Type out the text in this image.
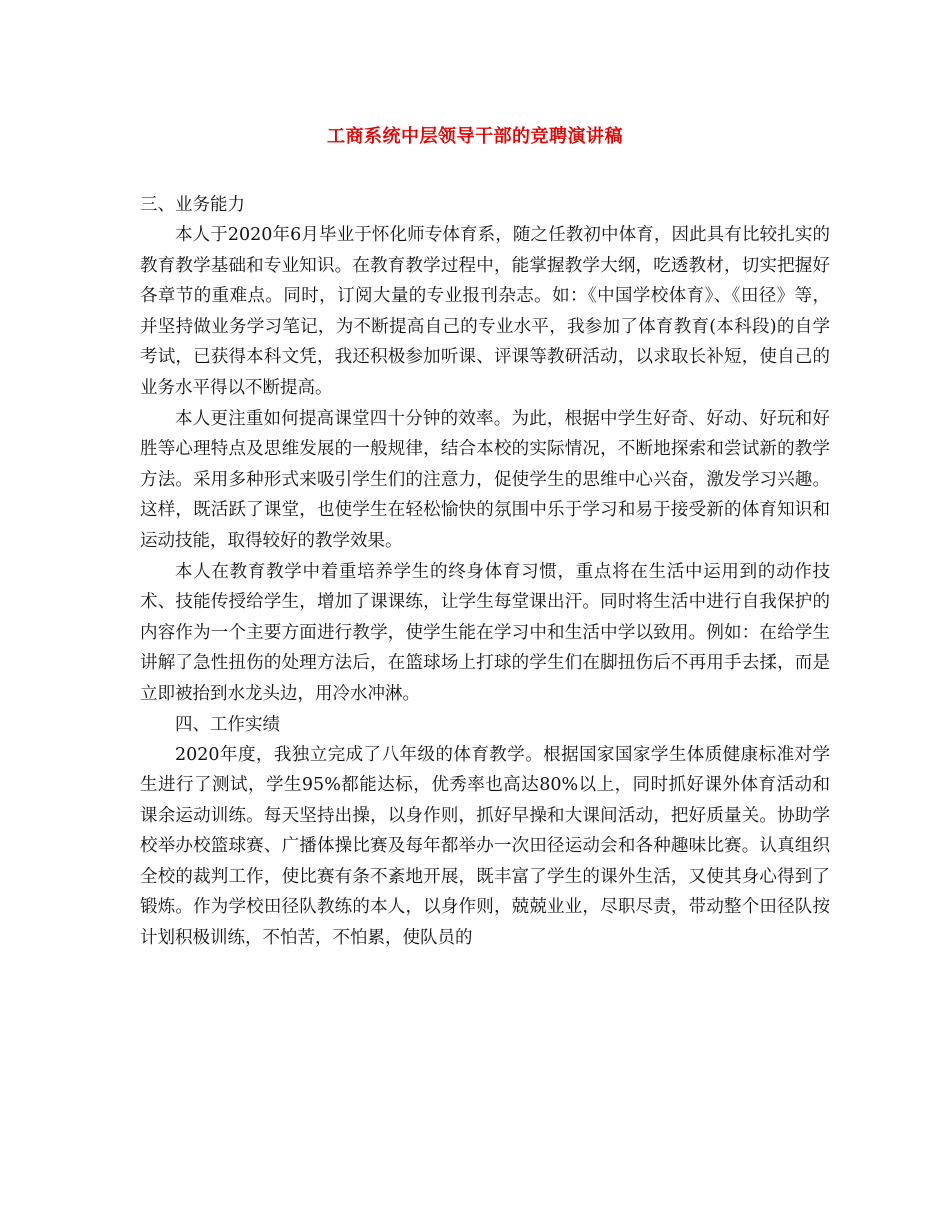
工商系统中层领导干部的竞聘演讲稿

三、业务能力

本人于2020年6月毕业于怀化师专体育系，随之任教初中体育，因此具有比较扎实的教育教学基础和专业知识。在教育教学过程中，能掌握教学大纲，吃透教材，切实把握好各章节的重难点。同时，订阅大量的专业报刊杂志。如：《中国学校体育》、《田径》等，并坚持做业务学习笔记，为不断提高自己的专业水平，我参加了体育教育(本科段)的自学考试，已获得本科文凭，我还积极参加听课、评课等教研活动，以求取长补短，使自己的业务水平得以不断提高。

本人更注重如何提高课堂四十分钟的效率。为此，根据中学生好奇、好动、好玩和好胜等心理特点及思维发展的一般规律，结合本校的实际情况，不断地探索和尝试新的教学方法。采用多种形式来吸引学生们的注意力，促使学生的思维中心兴奋，激发学习兴趣。这样，既活跃了课堂，也使学生在轻松愉快的氛围中乐于学习和易于接受新的体育知识和运动技能，取得较好的教学效果。

本人在教育教学中着重培养学生的终身体育习惯，重点将在生活中运用到的动作技术、技能传授给学生，增加了课课练，让学生每堂课出汗。同时将生活中进行自我保护的内容作为一个主要方面进行教学，使学生能在学习中和生活中学以致用。例如：在给学生讲解了急性扭伤的处理方法后，在篮球场上打球的学生们在脚扭伤后不再用手去揉，而是立即被抬到水龙头边，用冷水冲淋。

四、工作实绩

2020年度，我独立完成了八年级的体育教学。根据国家国家学生体质健康标准对学生进行了测试，学生95%都能达标，优秀率也高达80%以上，同时抓好课外体育活动和课余运动训练。每天坚持出操，以身作则，抓好早操和大课间活动，把好质量关。协助学校举办校篮球赛、广播体操比赛及每年都举办一次田径运动会和各种趣味比赛。认真组织全校的裁判工作，使比赛有条不紊地开展，既丰富了学生的课外生活，又使其身心得到了锻炼。作为学校田径队教练的本人，以身作则，兢兢业业，尽职尽责，带动整个田径队按计划积极训练，不怕苦，不怕累，使队员的
